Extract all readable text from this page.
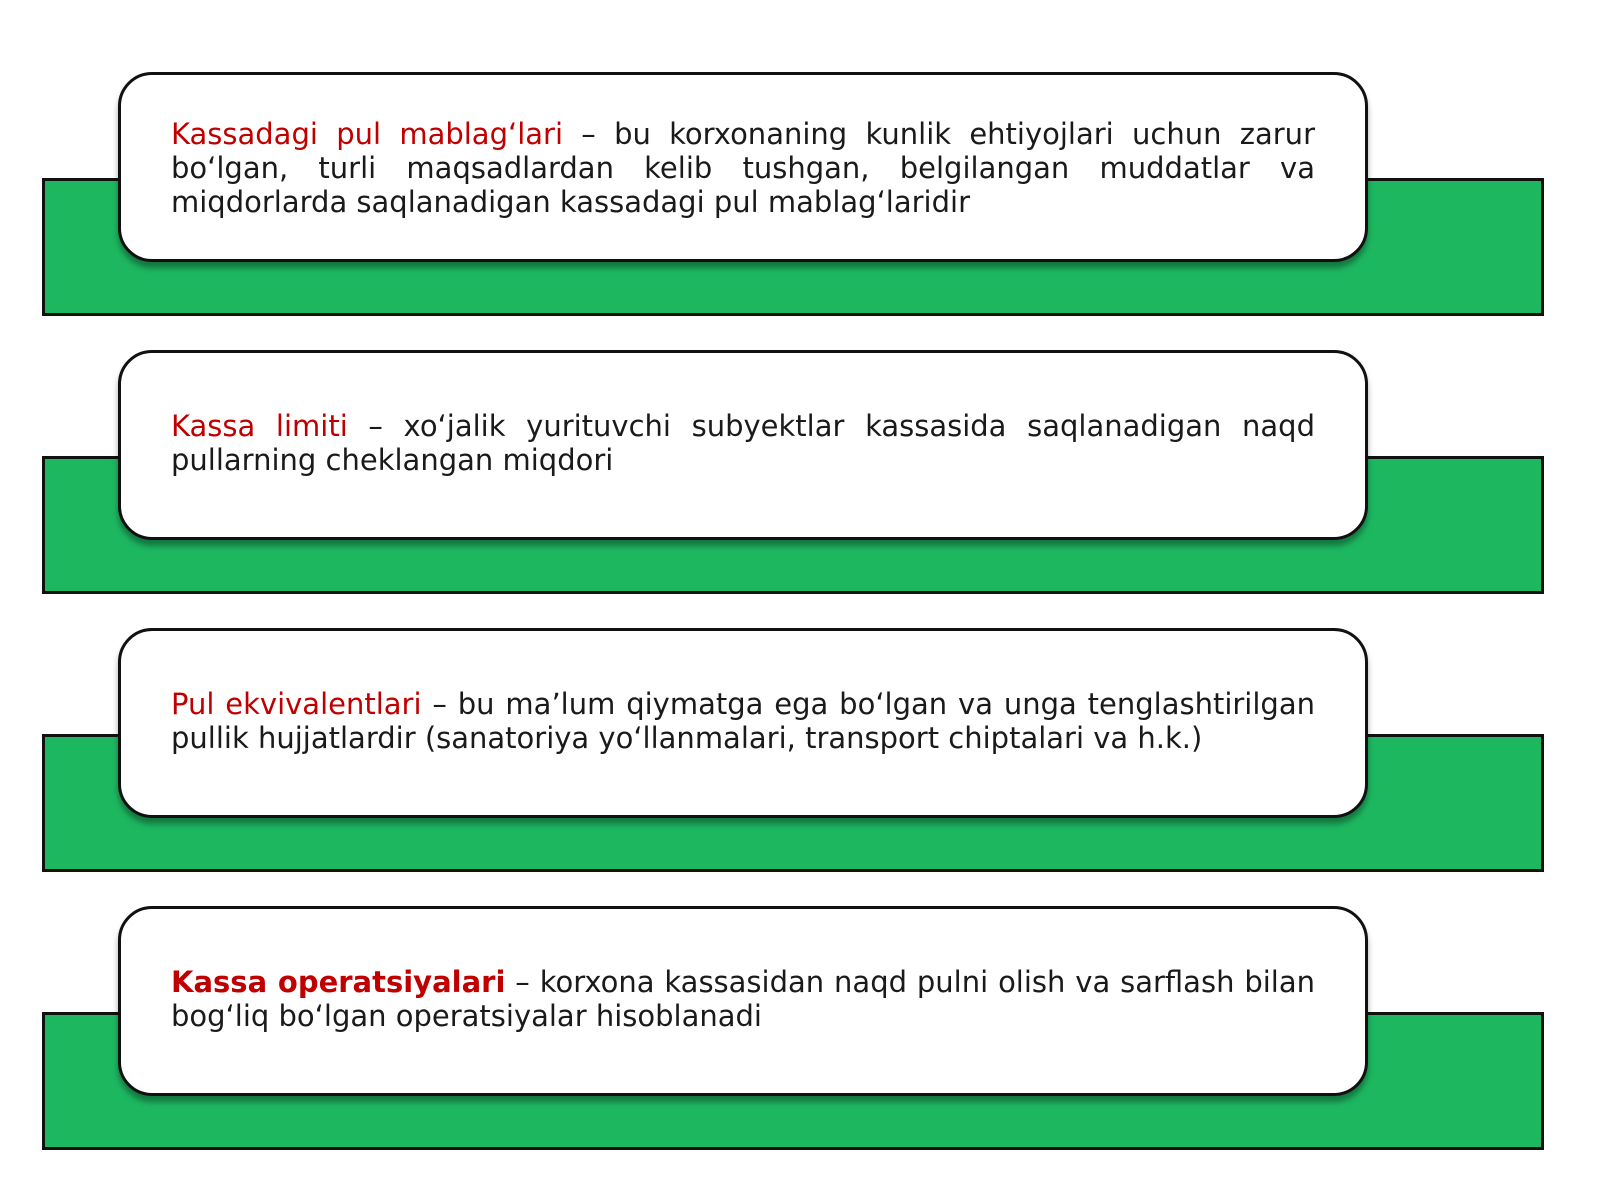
Kassadagi pul mablag‘lari – bu korxonaning kunlik ehtiyojlari uchun zarur bo‘lgan, turli maqsadlardan kelib tushgan, belgilangan muddatlar va miqdorlarda saqlanadigan kassadagi pul mablag‘laridir

Kassa limiti – xo‘jalik yurituvchi subyektlar kassasida saqlanadigan naqd pullarning cheklangan miqdori

Pul ekvivalentlari – bu ma’lum qiymatga ega bo‘lgan va unga tenglashtirilgan pullik hujjatlardir (sanatoriya yo‘llanmalari, transport chiptalari va h.k.)

Kassa operatsiyalari – korxona kassasidan naqd pulni olish va sarflash bilan bog‘liq bo‘lgan operatsiyalar hisoblanadi
